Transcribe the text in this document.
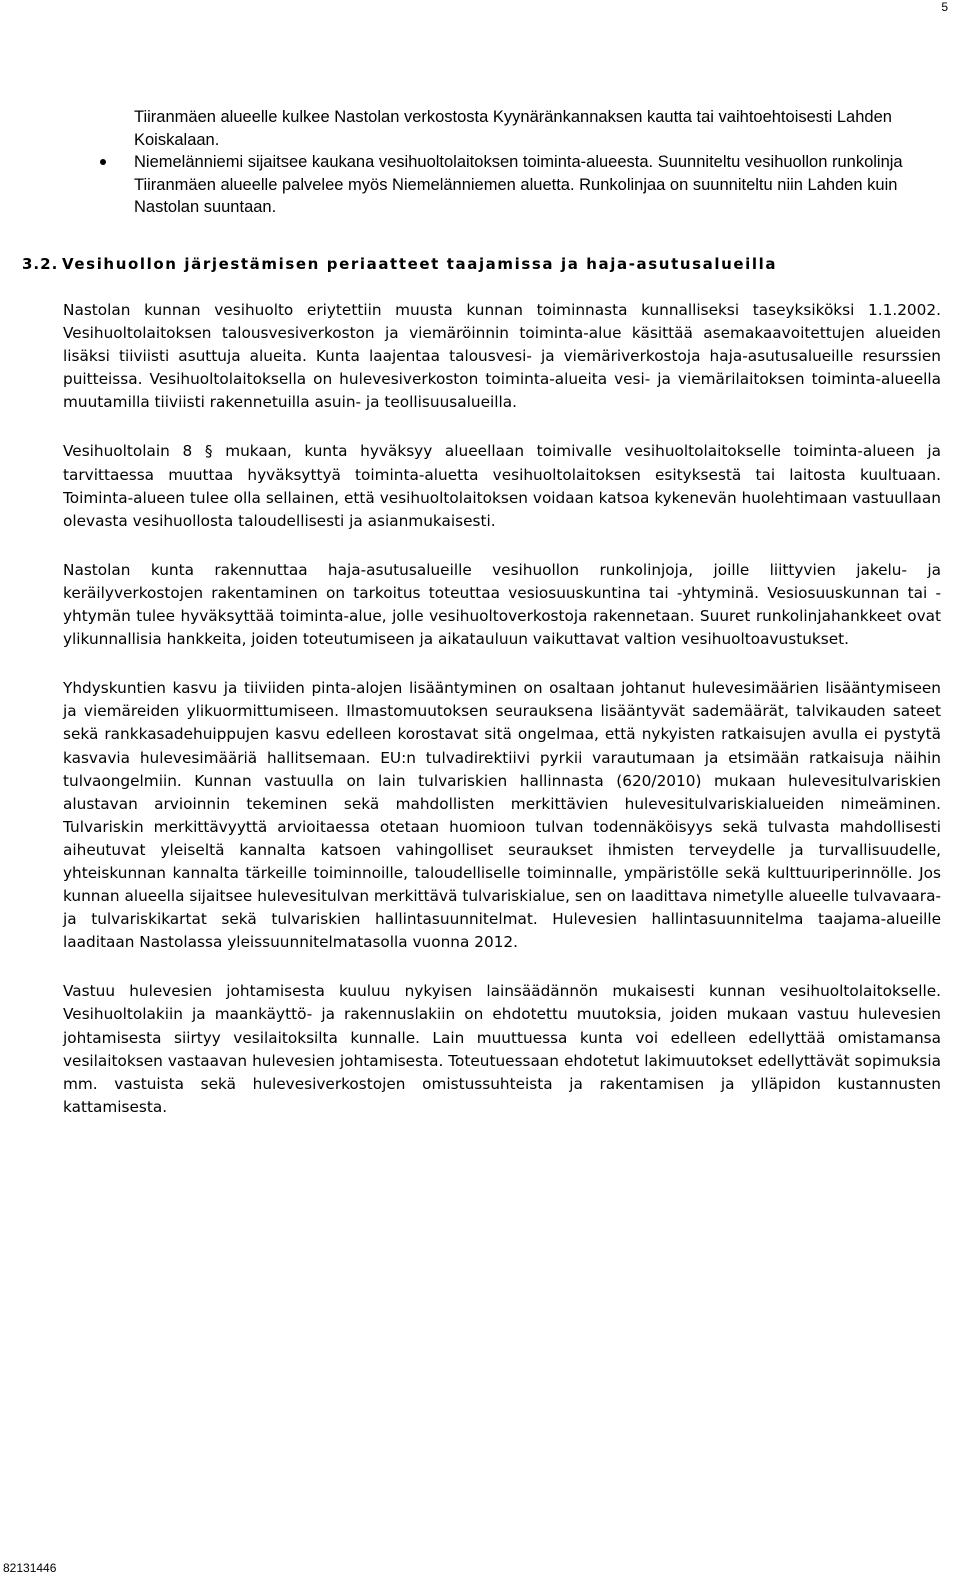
5

Tiiranmäen alueelle kulkee Nastolan verkostosta Kyynäränkannaksen kautta tai vaihtoehtoisesti Lahden Koiskalaan.

Niemelänniemi sijaitsee kaukana vesihuoltolaitoksen toiminta-alueesta. Suunniteltu vesihuollon runkolinja Tiiranmäen alueelle palvelee myös Niemelänniemen aluetta. Runkolinjaa on suunniteltu niin Lahden kuin Nastolan suuntaan.
3.2. Vesihuollon järjestämisen periaatteet taajamissa ja haja-asutusalueilla

Nastolan kunnan vesihuolto eriytettiin muusta kunnan toiminnasta kunnalliseksi taseyksiköksi 1.1.2002. Vesihuoltolaitoksen talousvesiverkoston ja viemäröinnin toiminta-alue käsittää asemakaavoitettujen alueiden lisäksi tiiviisti asuttuja alueita. Kunta laajentaa talousvesi- ja viemäriverkostoja haja-asutusalueille resurssien puitteissa. Vesihuoltolaitoksella on hulevesiverkoston toiminta-alueita vesi- ja viemärilaitoksen toiminta-alueella muutamilla tiiviisti rakennetuilla asuin- ja teollisuusalueilla.

Vesihuoltolain 8 § mukaan, kunta hyväksyy alueellaan toimivalle vesihuoltolaitokselle toiminta-alueen ja tarvittaessa muuttaa hyväksyttyä toiminta-aluetta vesihuoltolaitoksen esityksestä tai laitosta kuultuaan. Toiminta-alueen tulee olla sellainen, että vesihuoltolaitoksen voidaan katsoa kykenevän huolehtimaan vastuullaan olevasta vesihuollosta taloudellisesti ja asianmukaisesti.

Nastolan kunta rakennuttaa haja-asutusalueille vesihuollon runkolinjoja, joille liittyvien jakelu- ja keräilyverkostojen rakentaminen on tarkoitus toteuttaa vesiosuuskuntina tai -yhtyminä. Vesiosuuskunnan tai -yhtymän tulee hyväksyttää toiminta-alue, jolle vesihuoltoverkostoja rakennetaan. Suuret runkolinjahankkeet ovat ylikunnallisia hankkeita, joiden toteutumiseen ja aikatauluun vaikuttavat valtion vesihuoltoavustukset.

Yhdyskuntien kasvu ja tiiviiden pinta-alojen lisääntyminen on osaltaan johtanut hulevesimäärien lisääntymiseen ja viemäreiden ylikuormittumiseen. Ilmastomuutoksen seurauksena lisääntyvät sademäärät, talvikauden sateet sekä rankkasadehuippujen kasvu edelleen korostavat sitä ongelmaa, että nykyisten ratkaisujen avulla ei pystytä kasvavia hulevesimääriä hallitsemaan. EU:n tulvadirektiivi pyrkii varautumaan ja etsimään ratkaisuja näihin tulvaongelmiin. Kunnan vastuulla on lain tulvariskien hallinnasta (620/2010) mukaan hulevesitulvariskien alustavan arvioinnin tekeminen sekä mahdollisten merkittävien hulevesitulvariskialueiden nimeäminen. Tulvariskin merkittävyyttä arvioitaessa otetaan huomioon tulvan todennäköisyys sekä tulvasta mahdollisesti aiheutuvat yleiseltä kannalta katsoen vahingolliset seuraukset ihmisten terveydelle ja turvallisuudelle, yhteiskunnan kannalta tärkeille toiminnoille, taloudelliselle toiminnalle, ympäristölle sekä kulttuuriperinnölle. Jos kunnan alueella sijaitsee hulevesitulvan merkittävä tulvariskialue, sen on laadittava nimetylle alueelle tulvavaara- ja tulvariskikartat sekä tulvariskien hallintasuunnitelmat. Hulevesien hallintasuunnitelma taajama-alueille laaditaan Nastolassa yleissuunnitelmatasolla vuonna 2012.

Vastuu hulevesien johtamisesta kuuluu nykyisen lainsäädännön mukaisesti kunnan vesihuoltolaitokselle. Vesihuoltolakiin ja maankäyttö- ja rakennuslakiin on ehdotettu muutoksia, joiden mukaan vastuu hulevesien johtamisesta siirtyy vesilaitoksilta kunnalle. Lain muuttuessa kunta voi edelleen edellyttää omistamansa vesilaitoksen vastaavan hulevesien johtamisesta. Toteutuessaan ehdotetut lakimuutokset edellyttävät sopimuksia mm. vastuista sekä hulevesiverkostojen omistussuhteista ja rakentamisen ja ylläpidon kustannusten kattamisesta.

82131446
